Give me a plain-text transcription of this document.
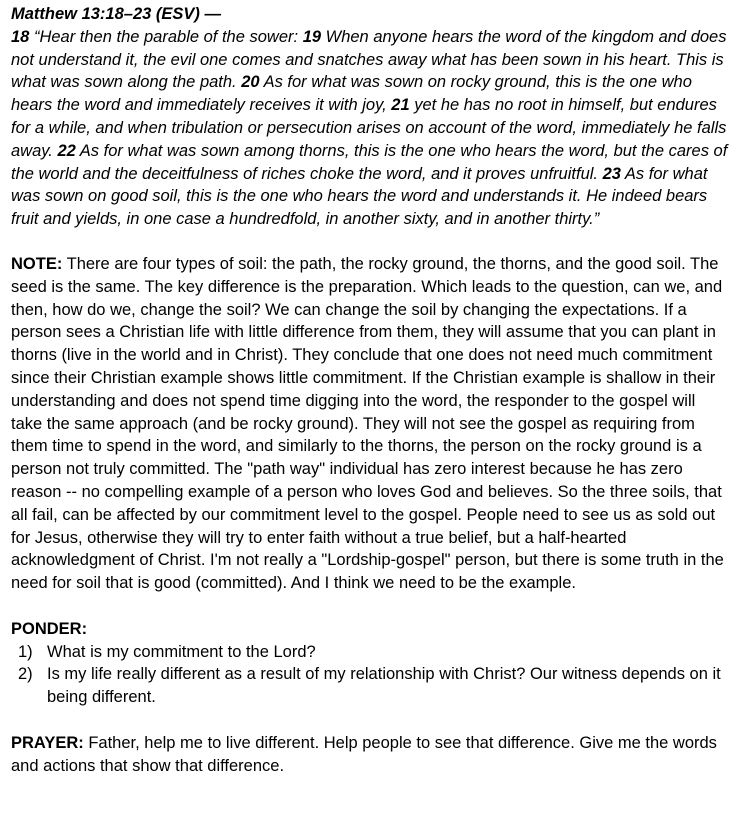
Matthew 13:18–23 (ESV) —

18 “Hear then the parable of the sower: 19 When anyone hears the word of the kingdom and does not understand it, the evil one comes and snatches away what has been sown in his heart. This is what was sown along the path. 20 As for what was sown on rocky ground, this is the one who hears the word and immediately receives it with joy, 21 yet he has no root in himself, but endures for a while, and when tribulation or persecution arises on account of the word, immediately he falls away. 22 As for what was sown among thorns, this is the one who hears the word, but the cares of the world and the deceitfulness of riches choke the word, and it proves unfruitful. 23 As for what was sown on good soil, this is the one who hears the word and understands it. He indeed bears fruit and yields, in one case a hundredfold, in another sixty, and in another thirty.”

NOTE: There are four types of soil: the path, the rocky ground, the thorns, and the good soil. The seed is the same. The key difference is the preparation. Which leads to the question, can we, and then, how do we, change the soil? We can change the soil by changing the expectations. If a person sees a Christian life with little difference from them, they will assume that you can plant in thorns (live in the world and in Christ). They conclude that one does not need much commitment since their Christian example shows little commitment. If the Christian example is shallow in their understanding and does not spend time digging into the word, the responder to the gospel will take the same approach (and be rocky ground). They will not see the gospel as requiring from them time to spend in the word, and similarly to the thorns, the person on the rocky ground is a person not truly committed. The "path way" individual has zero interest because he has zero reason -- no compelling example of a person who loves God and believes. So the three soils, that all fail, can be affected by our commitment level to the gospel. People need to see us as sold out for Jesus, otherwise they will try to enter faith without a true belief, but a half-hearted acknowledgment of Christ. I'm not really a "Lordship-gospel" person, but there is some truth in the need for soil that is good (committed). And I think we need to be the example.

PONDER:
1) What is my commitment to the Lord?
2) Is my life really different as a result of my relationship with Christ? Our witness depends on it being different.

PRAYER: Father, help me to live different. Help people to see that difference. Give me the words and actions that show that difference.
